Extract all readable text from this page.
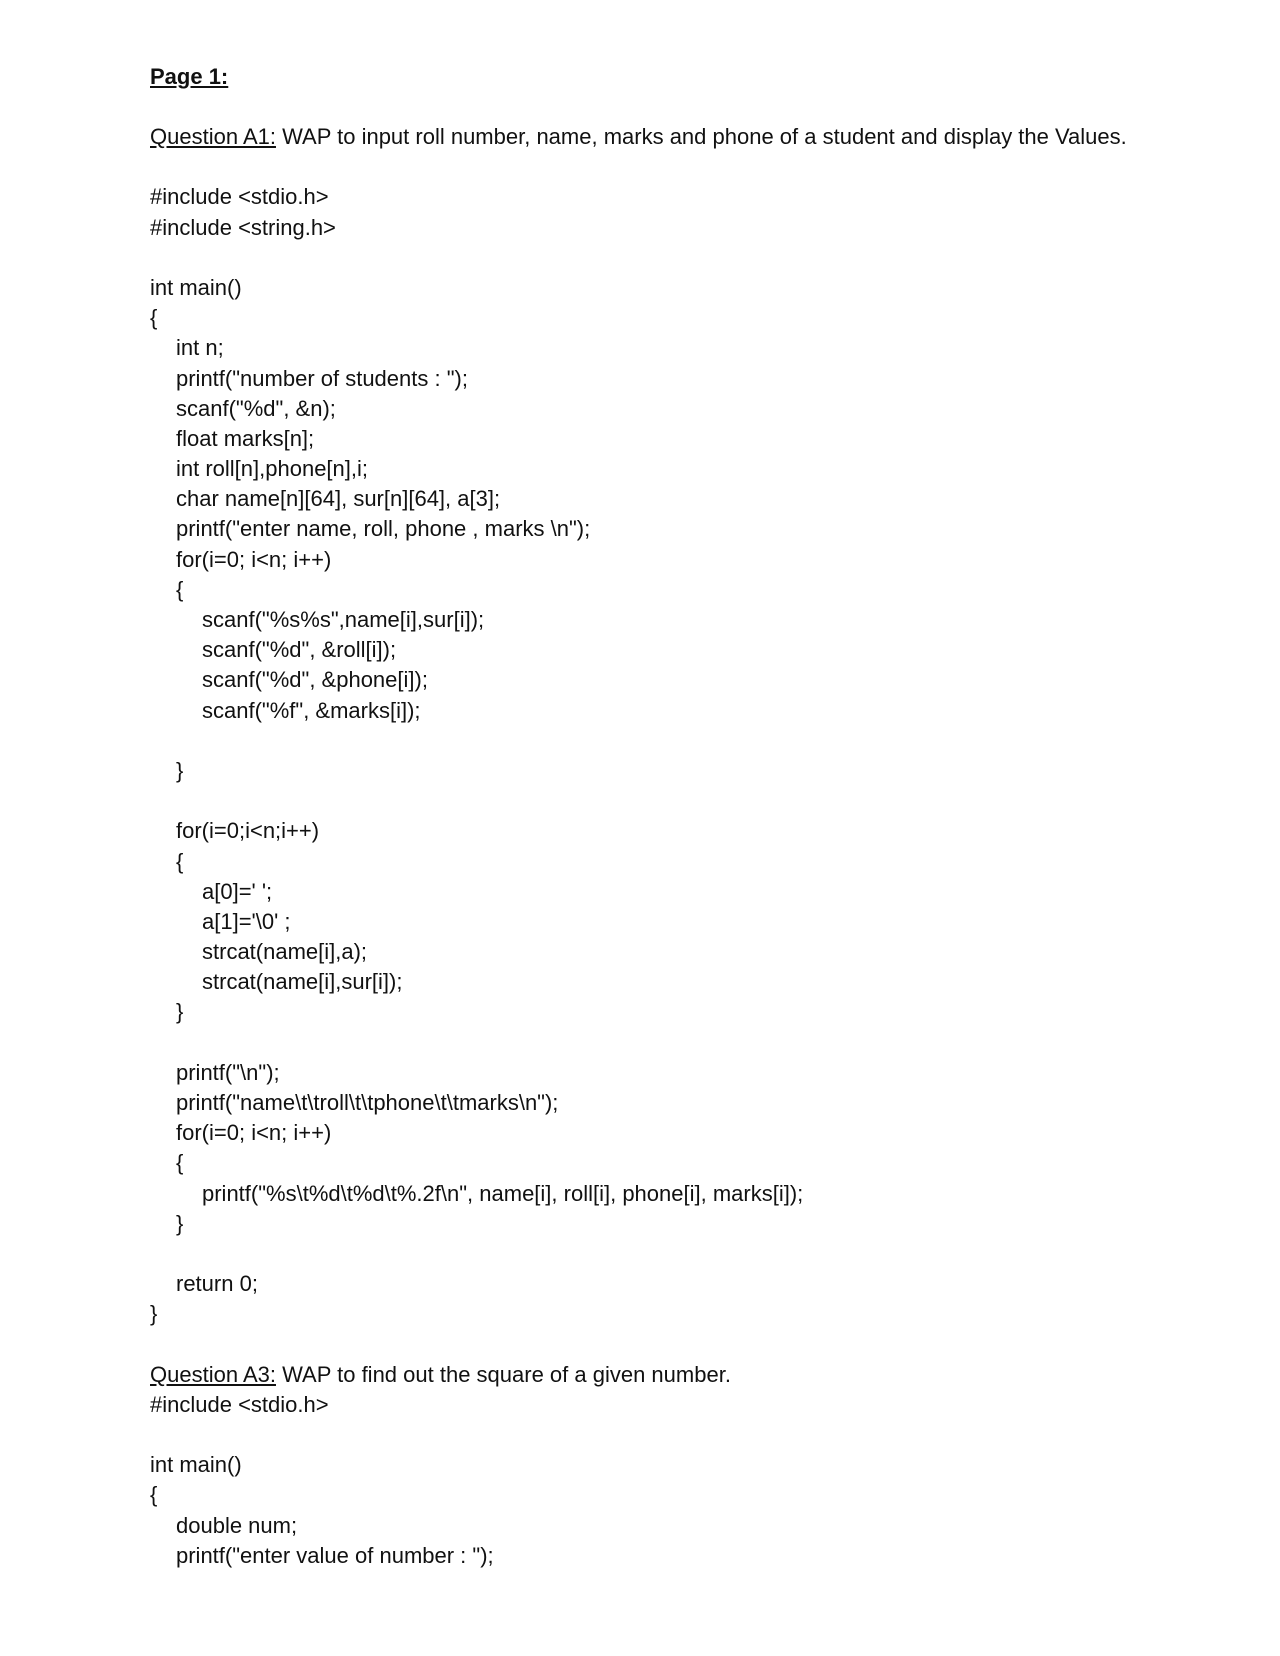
Page 1:
Question A1: WAP to input roll number, name, marks and phone of a student and display the Values.
#include <stdio.h>
#include <string.h>
int main()
{
int n;
printf("number of students : ");
scanf("%d", &n);
float marks[n];
int roll[n],phone[n],i;
char name[n][64], sur[n][64], a[3];
printf("enter name, roll, phone , marks \n");
for(i=0; i<n; i++)
{
scanf("%s%s",name[i],sur[i]);
scanf("%d", &roll[i]);
scanf("%d", &phone[i]);
scanf("%f", &marks[i]);
}
for(i=0;i<n;i++)
{
a[0]=' ';
a[1]='\0' ;
strcat(name[i],a);
strcat(name[i],sur[i]);
}
printf("\n");
printf("name\t\troll\t\tphone\t\tmarks\n");
for(i=0; i<n; i++)
{
printf("%s\t%d\t%d\t%.2f\n", name[i], roll[i], phone[i], marks[i]);
}
return 0;
}
Question A3: WAP to find out the square of a given number.
#include <stdio.h>
int main()
{
double num;
printf("enter value of number : ");
